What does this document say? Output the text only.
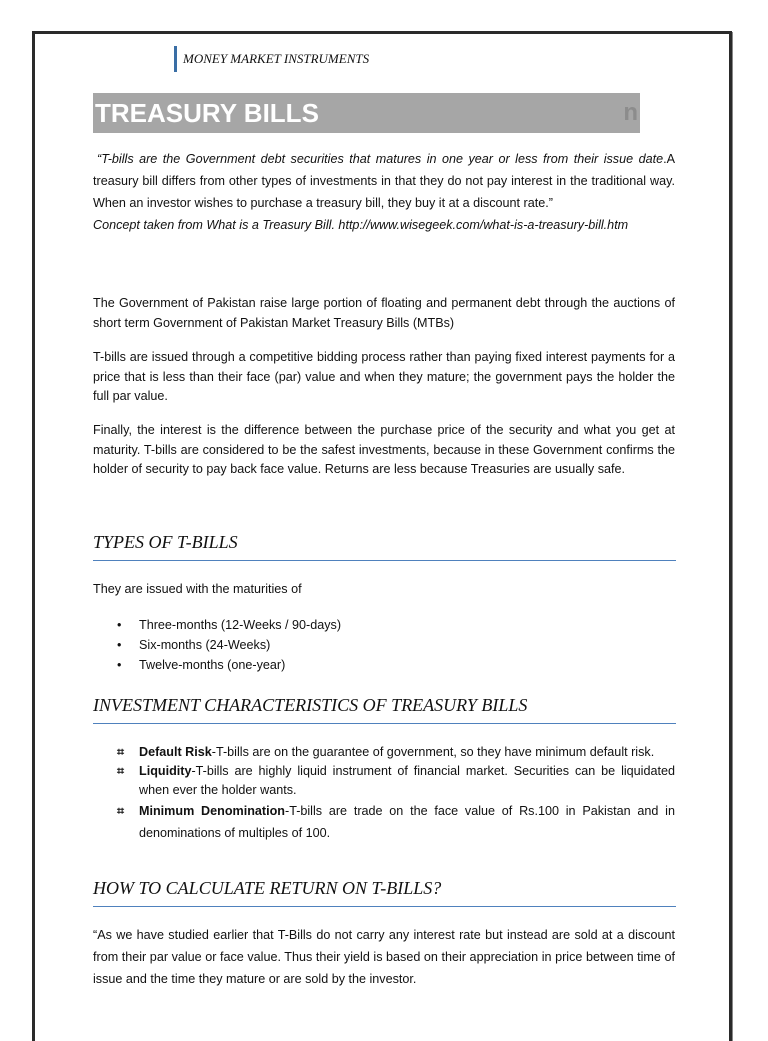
MONEY MARKET INSTRUMENTS
TREASURY BILLS	n

“T-bills are the Government debt securities that matures in one year or less from their issue date.A treasury bill differs from other types of investments in that they do not pay interest in the traditional way. When an investor wishes to purchase a treasury bill, they buy it at a discount rate.”

Concept taken from What is a Treasury Bill. http://www.wisegeek.com/what-is-a-treasury-bill.htm

The Government of Pakistan raise large portion of floating and permanent debt through the auctions of short term Government of Pakistan Market Treasury Bills (MTBs)

T-bills are issued through a competitive bidding process rather than paying fixed interest payments for a price that is less than their face (par) value and when they mature; the government pays the holder the full par value.

Finally, the interest is the difference between the purchase price of the security and what you get at maturity. T-bills are considered to be the safest investments, because in these Government confirms the holder of security to pay back face value. Returns are less because Treasuries are usually safe.

TYPES OF T-BILLS

They are issued with the maturities of

• Three-months (12-Weeks / 90-days)
• Six-months (24-Weeks)
• Twelve-months (one-year)
INVESTMENT CHARACTERISTICS OF TREASURY BILLS
⌗ Default Risk-T-bills are on the guarantee of government, so they have minimum default risk.
⌗ Liquidity-T-bills are highly liquid instrument of financial market. Securities can be liquidated when ever the holder wants.
⌗ Minimum Denomination-T-bills are trade on the face value of Rs.100 in Pakistan and in denominations of multiples of 100.
HOW TO CALCULATE RETURN ON T-BILLS?

“As we have studied earlier that T-Bills do not carry any interest rate but instead are sold at a discount from their par value or face value. Thus their yield is based on their appreciation in price between time of issue and the time they mature or are sold by the investor.
